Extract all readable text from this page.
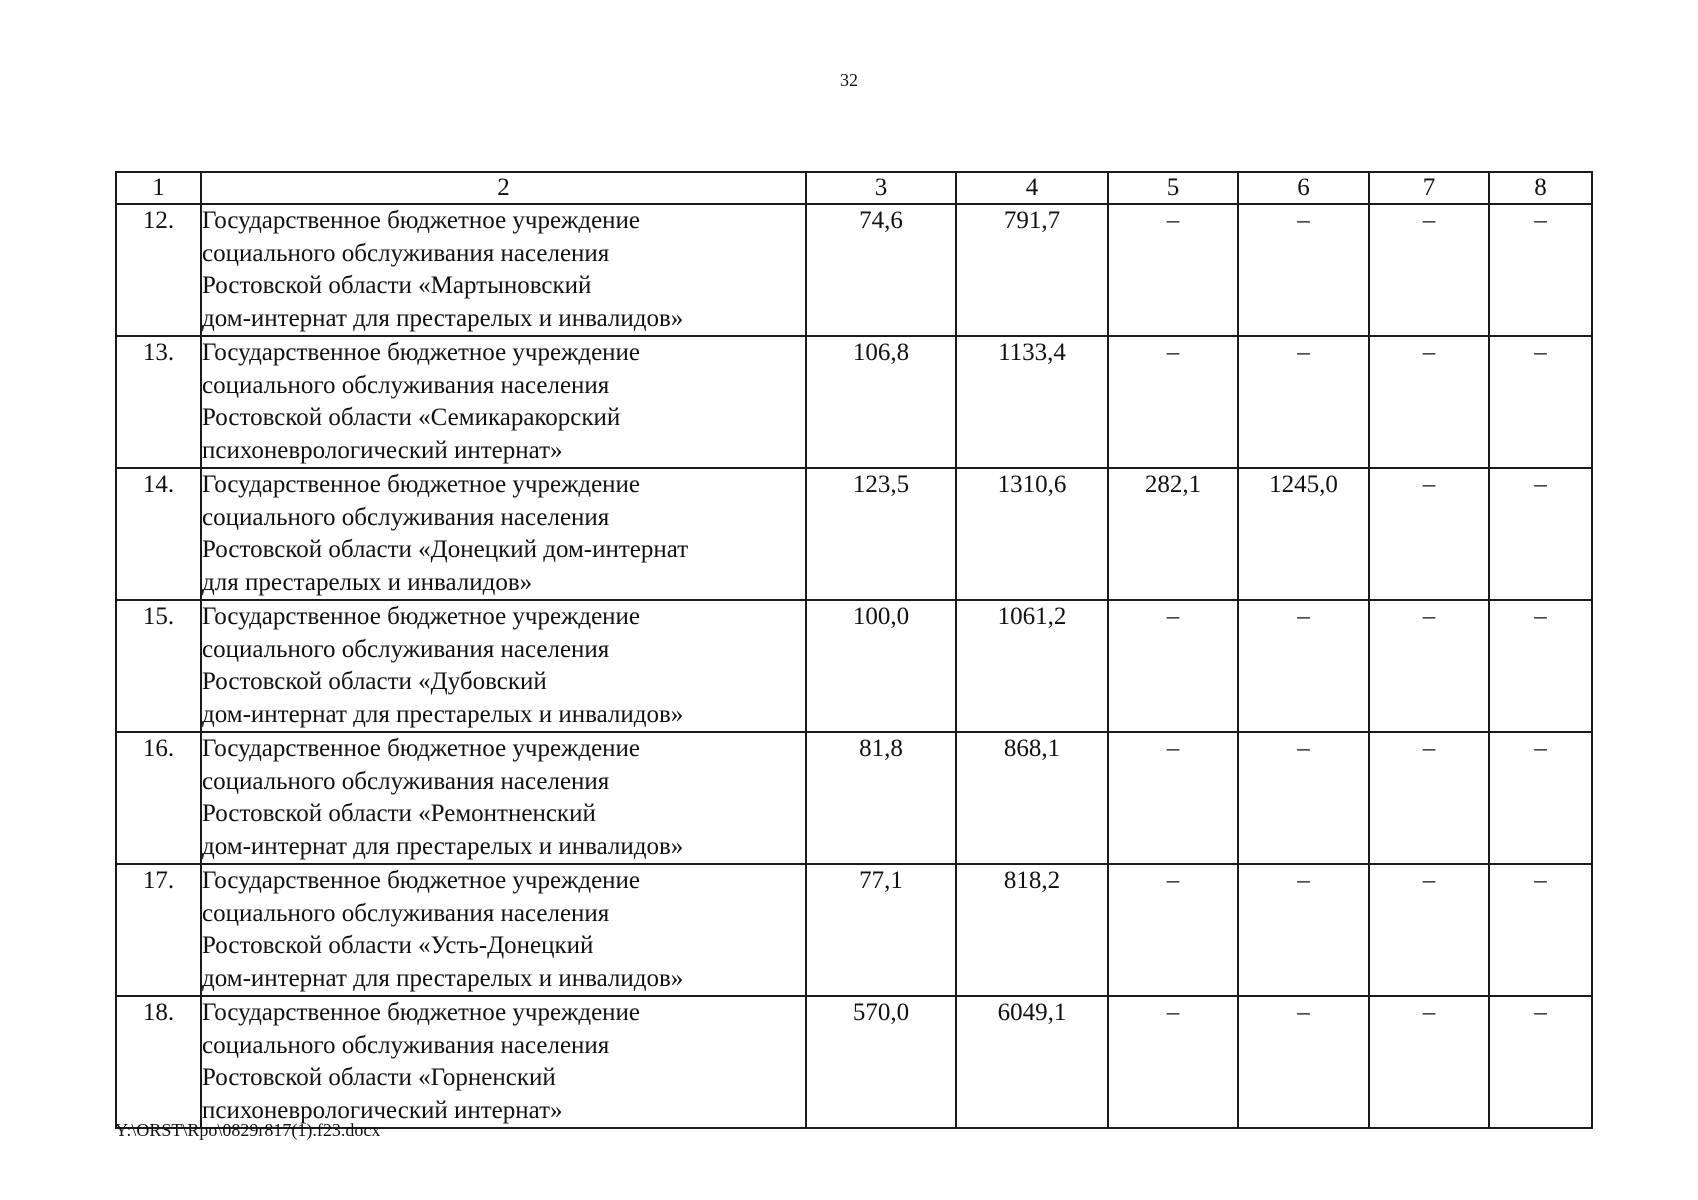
32
1	2	3	4	5	6	7	8
12.	Государственное бюджетное учреждение
социального обслуживания населения
Ростовской области «Мартыновский
дом-интернат для престарелых и инвалидов»	74,6	791,7	–	–	–	–
13.	Государственное бюджетное учреждение
социального обслуживания населения
Ростовской области «Семикаракорский
психоневрологический интернат»	106,8	1133,4	–	–	–	–
14.	Государственное бюджетное учреждение
социального обслуживания населения
Ростовской области «Донецкий дом-интернат
для престарелых и инвалидов»	123,5	1310,6	282,1	1245,0	–	–
15.	Государственное бюджетное учреждение
социального обслуживания населения
Ростовской области «Дубовский
дом-интернат для престарелых и инвалидов»	100,0	1061,2	–	–	–	–
16.	Государственное бюджетное учреждение
социального обслуживания населения
Ростовской области «Ремонтненский
дом-интернат для престарелых и инвалидов»	81,8	868,1	–	–	–	–
17.	Государственное бюджетное учреждение
социального обслуживания населения
Ростовской области «Усть-Донецкий
дом-интернат для престарелых и инвалидов»	77,1	818,2	–	–	–	–
18.	Государственное бюджетное учреждение
социального обслуживания населения
Ростовской области «Горненский
психоневрологический интернат»	570,0	6049,1	–	–	–	–
Y:\ORST\Rpo\0829r817(1).f23.docx
